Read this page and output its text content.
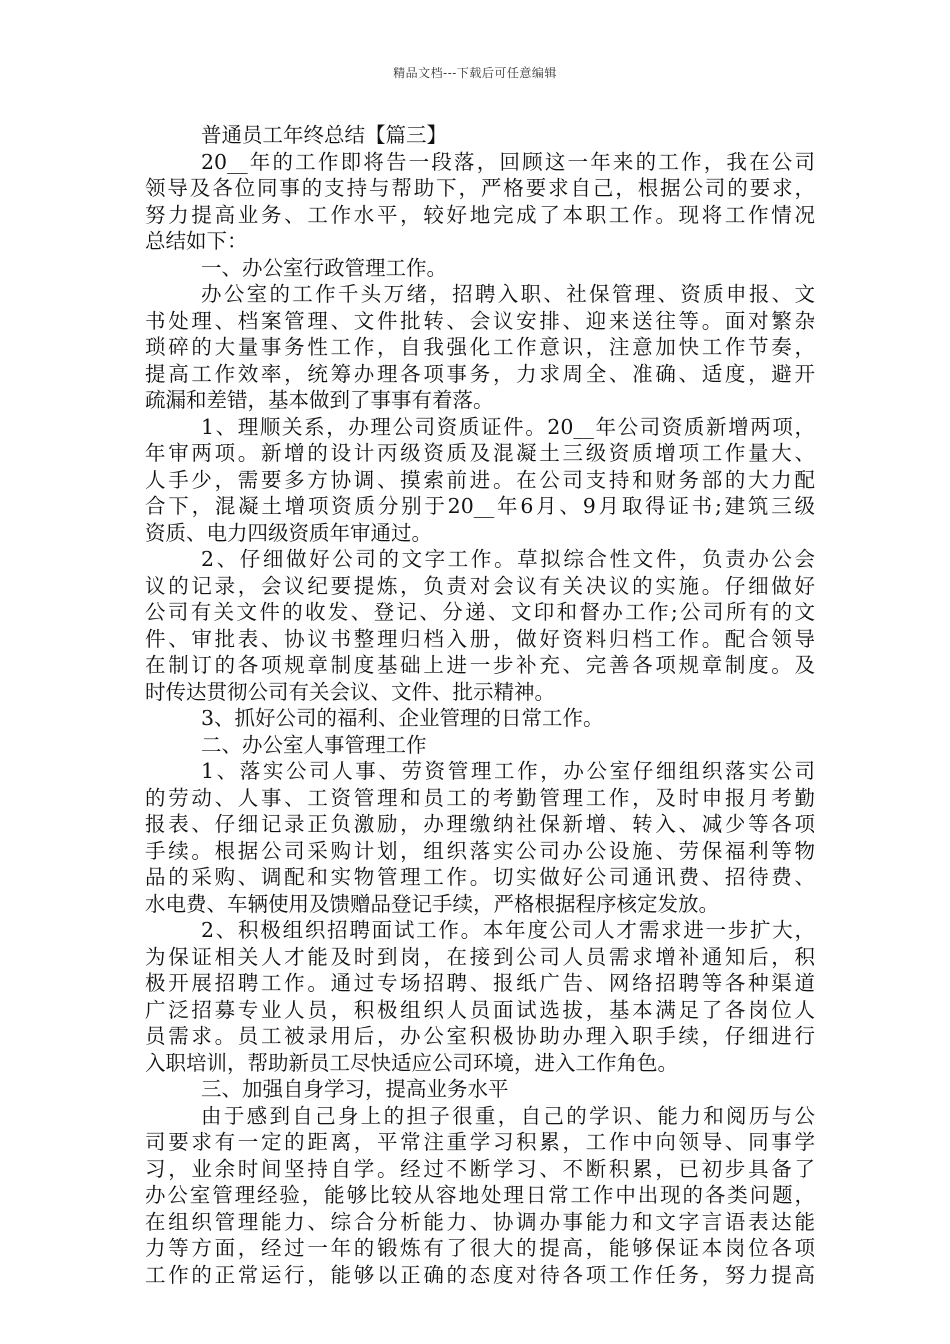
精品文档---下载后可任意编辑
普通员工年终总结【篇三】
20__年的工作即将告一段落，回顾这一年来的工作，我在公司
领导及各位同事的支持与帮助下，严格要求自己，根据公司的要求，
努力提高业务、工作水平，较好地完成了本职工作。现将工作情况
总结如下：
一、办公室行政管理工作。
办公室的工作千头万绪，招聘入职、社保管理、资质申报、文
书处理、档案管理、文件批转、会议安排、迎来送往等。面对繁杂
琐碎的大量事务性工作，自我强化工作意识，注意加快工作节奏，
提高工作效率，统筹办理各项事务，力求周全、准确、适度，避开
疏漏和差错，基本做到了事事有着落。
1、理顺关系，办理公司资质证件。20__年公司资质新增两项，
年审两项。新增的设计丙级资质及混凝土三级资质增项工作量大、
人手少，需要多方协调、摸索前进。在公司支持和财务部的大力配
合下，混凝土增项资质分别于20__年6月、9月取得证书;建筑三级
资质、电力四级资质年审通过。
2、仔细做好公司的文字工作。草拟综合性文件，负责办公会
议的记录，会议纪要提炼，负责对会议有关决议的实施。仔细做好
公司有关文件的收发、登记、分递、文印和督办工作;公司所有的文
件、审批表、协议书整理归档入册，做好资料归档工作。配合领导
在制订的各项规章制度基础上进一步补充、完善各项规章制度。及
时传达贯彻公司有关会议、文件、批示精神。
3、抓好公司的福利、企业管理的日常工作。
二、办公室人事管理工作
1、落实公司人事、劳资管理工作，办公室仔细组织落实公司
的劳动、人事、工资管理和员工的考勤管理工作，及时申报月考勤
报表、仔细记录正负激励，办理缴纳社保新增、转入、减少等各项
手续。根据公司采购计划，组织落实公司办公设施、劳保福利等物
品的采购、调配和实物管理工作。切实做好公司通讯费、招待费、
水电费、车辆使用及馈赠品登记手续，严格根据程序核定发放。
2、积极组织招聘面试工作。本年度公司人才需求进一步扩大，
为保证相关人才能及时到岗，在接到公司人员需求增补通知后，积
极开展招聘工作。通过专场招聘、报纸广告、网络招聘等各种渠道
广泛招募专业人员，积极组织人员面试选拔，基本满足了各岗位人
员需求。员工被录用后，办公室积极协助办理入职手续，仔细进行
入职培训，帮助新员工尽快适应公司环境，进入工作角色。
三、加强自身学习，提高业务水平
由于感到自己身上的担子很重，自己的学识、能力和阅历与公
司要求有一定的距离，平常注重学习积累，工作中向领导、同事学
习，业余时间坚持自学。经过不断学习、不断积累，已初步具备了
办公室管理经验，能够比较从容地处理日常工作中出现的各类问题，
在组织管理能力、综合分析能力、协调办事能力和文字言语表达能
力等方面，经过一年的锻炼有了很大的提高，能够保证本岗位各项
工作的正常运行，能够以正确的态度对待各项工作任务，努力提高
